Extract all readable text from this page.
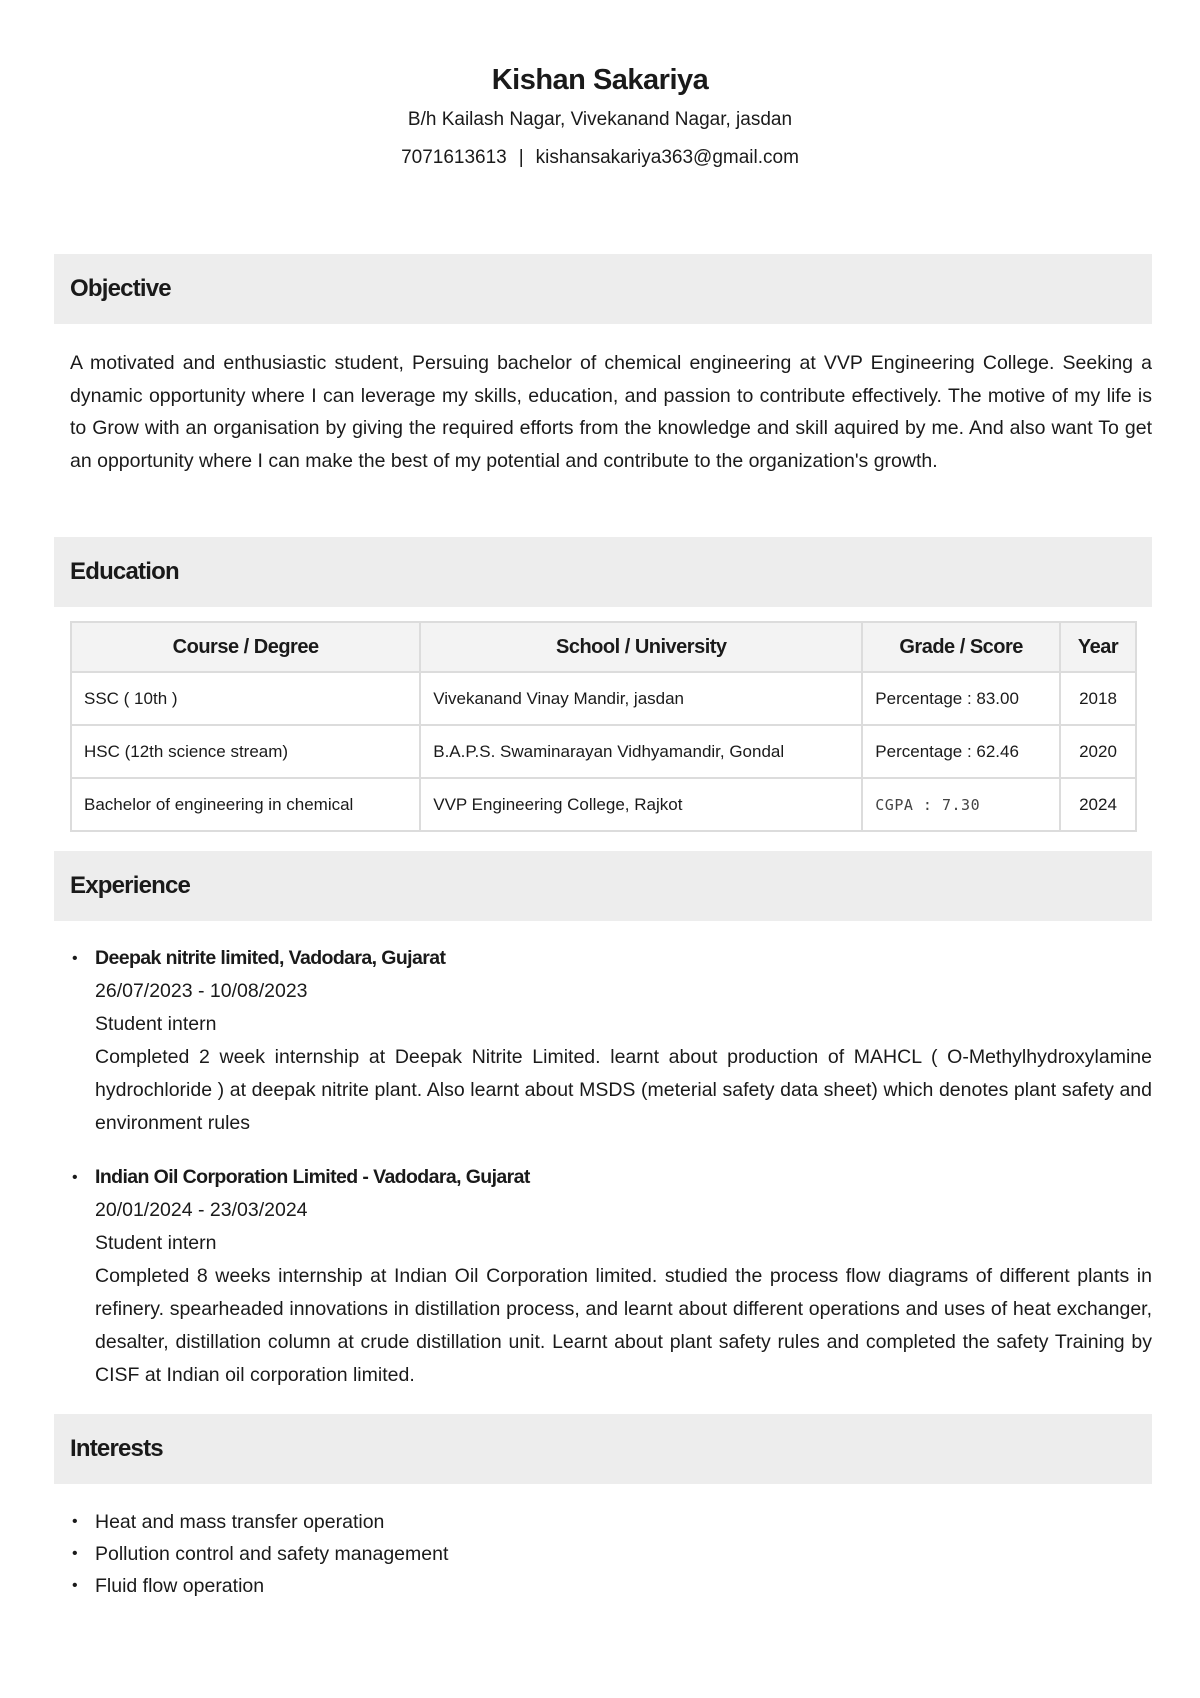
Kishan Sakariya
B/h Kailash Nagar, Vivekanand Nagar, jasdan
7071613613 | kishansakariya363@gmail.com
Objective
A motivated and enthusiastic student, Persuing bachelor of chemical engineering at VVP Engineering College. Seeking a dynamic opportunity where I can leverage my skills, education, and passion to contribute effectively. The motive of my life is to Grow with an organisation by giving the required efforts from the knowledge and skill aquired by me. And also want To get an opportunity where I can make the best of my potential and contribute to the organization's growth.
Education
Course / Degree	School / University	Grade / Score	Year
SSC ( 10th )	Vivekanand Vinay Mandir, jasdan	Percentage : 83.00	2018
HSC (12th science stream)	B.A.P.S. Swaminarayan Vidhyamandir, Gondal	Percentage : 62.46	2020
Bachelor of engineering in chemical	VVP Engineering College, Rajkot	CGPA : 7.30	2024
Experience
• Deepak nitrite limited, Vadodara, Gujarat
26/07/2023 - 10/08/2023
Student intern
Completed 2 week internship at Deepak Nitrite Limited. learnt about production of MAHCL ( O-Methylhydroxylamine hydrochloride ) at deepak nitrite plant. Also learnt about MSDS (meterial safety data sheet) which denotes plant safety and environment rules
• Indian Oil Corporation Limited - Vadodara, Gujarat
20/01/2024 - 23/03/2024
Student intern
Completed 8 weeks internship at Indian Oil Corporation limited. studied the process flow diagrams of different plants in refinery. spearheaded innovations in distillation process, and learnt about different operations and uses of heat exchanger, desalter, distillation column at crude distillation unit. Learnt about plant safety rules and completed the safety Training by CISF at Indian oil corporation limited.
Interests
• Heat and mass transfer operation
• Pollution control and safety management
• Fluid flow operation
